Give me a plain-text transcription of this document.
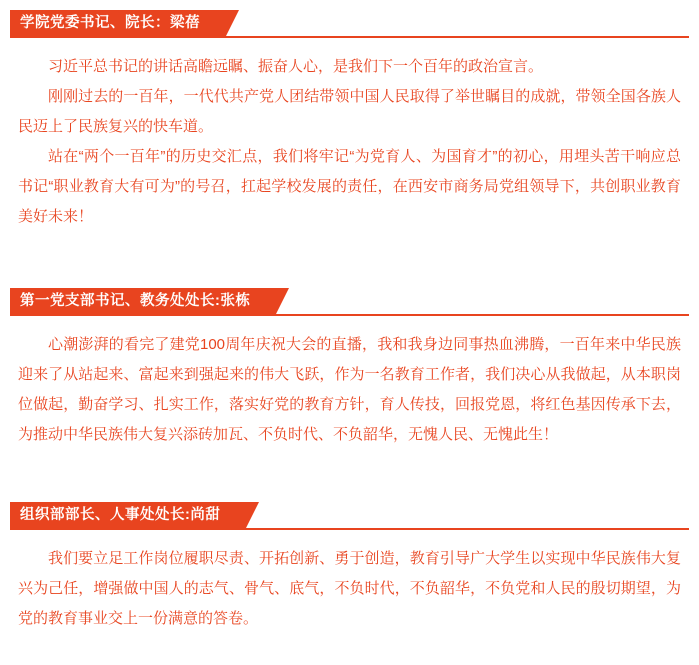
学院党委书记、院长：梁蓓

习近平总书记的讲话高瞻远瞩、振奋人心，是我们下一个百年的政治宣言。

刚刚过去的一百年，一代代共产党人团结带领中国人民取得了举世瞩目的成就，带领全国各族人民迈上了民族复兴的快车道。

站在“两个一百年”的历史交汇点，我们将牢记“为党育人、为国育才”的初心，用埋头苦干响应总书记“职业教育大有可为”的号召，扛起学校发展的责任，在西安市商务局党组领导下，共创职业教育美好未来！

第一党支部书记、教务处处长:张栋

心潮澎湃的看完了建党100周年庆祝大会的直播，我和我身边同事热血沸腾，一百年来中华民族迎来了从站起来、富起来到强起来的伟大飞跃，作为一名教育工作者，我们决心从我做起，从本职岗位做起，勤奋学习、扎实工作，落实好党的教育方针，育人传技，回报党恩，将红色基因传承下去，为推动中华民族伟大复兴添砖加瓦、不负时代、不负韶华，无愧人民、无愧此生！

组织部部长、人事处处长:尚甜

我们要立足工作岗位履职尽责、开拓创新、勇于创造，教育引导广大学生以实现中华民族伟大复兴为己任，增强做中国人的志气、骨气、底气，不负时代，不负韶华，不负党和人民的殷切期望，为党的教育事业交上一份满意的答卷。
